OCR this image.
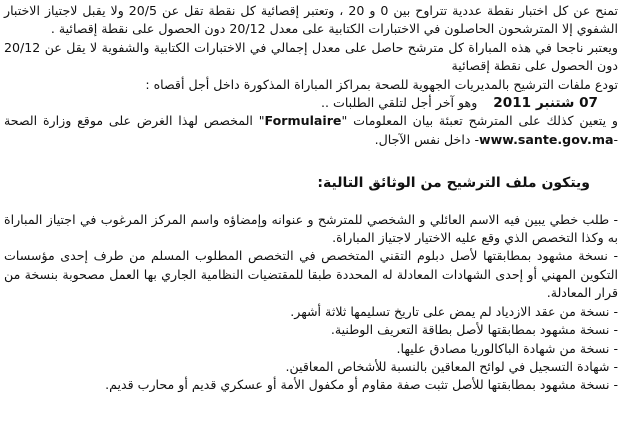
تمنح عن كل اختبار نقطة عددية تتراوح بين 0 و 20 ، وتعتبر إقصائية كل نقطة تقل عن 20/5 ولا يقبل لاجتياز الاختبار الشفوي إلا المترشحون الحاصلون في الاختبارات الكتابية على معدل 20/12 دون الحصول على نقطة إقصائية .

ويعتبر ناجحا في هذه المباراة كل مترشح حاصل على معدل إجمالي في الاختبارات الكتابية والشفوية لا يقل عن 20/12 دون الحصول على نقطة إقصائية

تودع ملفات الترشيح بالمديريات الجهوية للصحة بمراكز المباراة المذكورة داخل أجل أقصاه :

07 شتنبر 2011    وهو آخر أجل لتلقي الطلبات ..

و يتعين كذلك على المترشح تعبئة بيان المعلومات "Formulaire" المخصص لهذا الغرض على موقع وزارة الصحة -www.sante.gov.ma- داخل نفس الآجال.

ويتكون ملف الترشيح من الوثائق التالية:

- طلب خطي يبين فيه الاسم العائلي و الشخصي للمترشح و عنوانه وإمضاؤه واسم المركز المرغوب في اجتياز المباراة به وكذا التخصص الذي وقع عليه الاختيار لاجتياز المباراة.

- نسخة مشهود بمطابقتها لأصل دبلوم التقني المتخصص في التخصص المطلوب المسلم من طرف إحدى مؤسسات التكوين المهني أو إحدى الشهادات المعادلة له المحددة طبقا للمقتضيات النظامية الجاري بها العمل مصحوبة بنسخة من قرار المعادلة.

- نسخة من عقد الازدياد لم يمض على تاريخ تسليمها ثلاثة أشهر.

- نسخة مشهود بمطابقتها لأصل بطاقة التعريف الوطنية.

- نسخة من شهادة الباكالوريا مصادق عليها.

- شهادة التسجيل في لوائح المعاقين بالنسبة للأشخاص المعاقين.

- نسخة مشهود بمطابقتها للأصل تثبت صفة مقاوم أو مكفول الأمة أو عسكري قديم أو محارب قديم.
